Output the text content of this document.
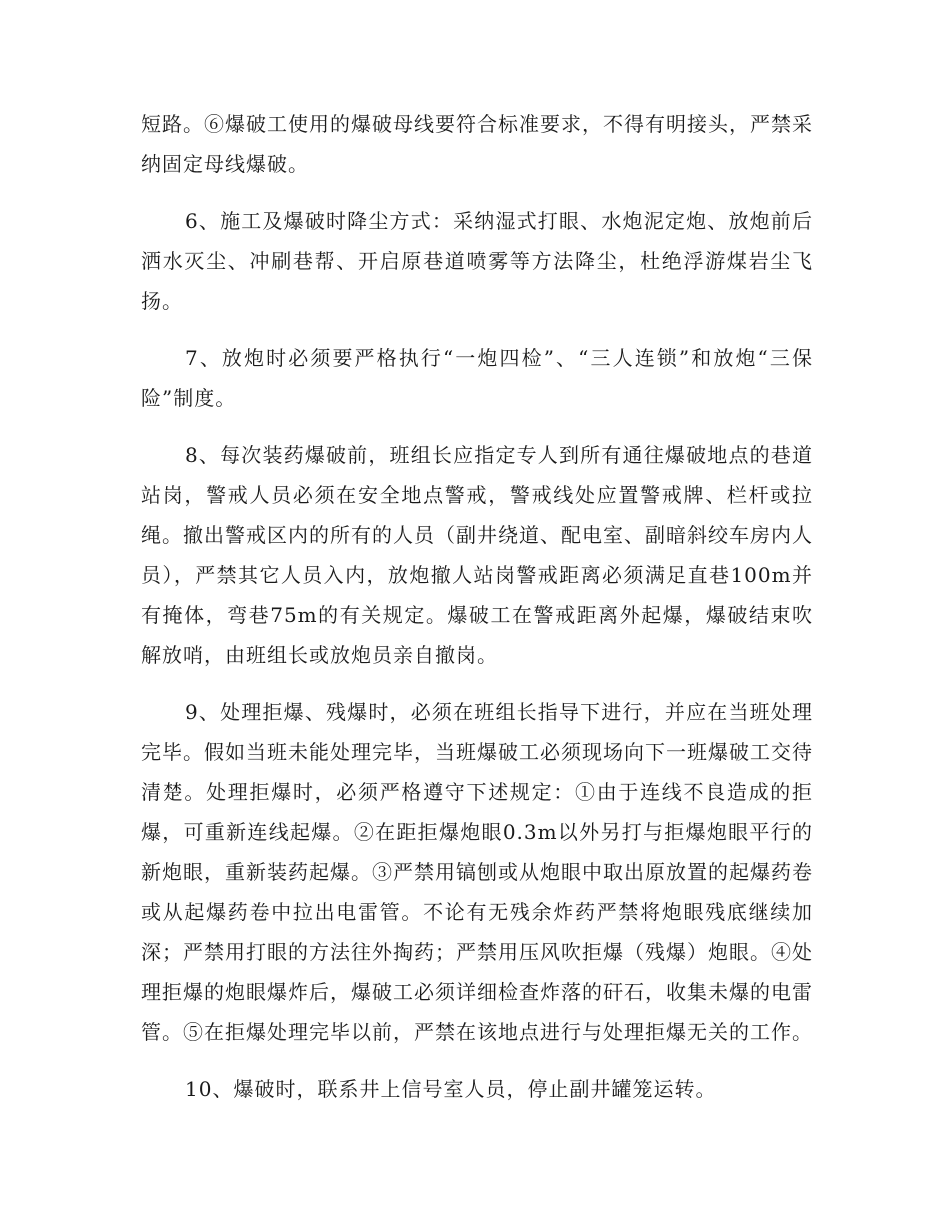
短路。⑥爆破工使用的爆破母线要符合标准要求，不得有明接头，严禁采纳固定母线爆破。

6、施工及爆破时降尘方式：采纳湿式打眼、水炮泥定炮、放炮前后洒水灭尘、冲刷巷帮、开启原巷道喷雾等方法降尘，杜绝浮游煤岩尘飞扬。

7、放炮时必须要严格执行“一炮四检”、“三人连锁”和放炮“三保险”制度。

8、每次装药爆破前，班组长应指定专人到所有通往爆破地点的巷道站岗，警戒人员必须在安全地点警戒，警戒线处应置警戒牌、栏杆或拉绳。撤出警戒区内的所有的人员（副井绕道、配电室、副暗斜绞车房内人员），严禁其它人员入内，放炮撤人站岗警戒距离必须满足直巷100m并有掩体，弯巷75m的有关规定。爆破工在警戒距离外起爆，爆破结束吹解放哨，由班组长或放炮员亲自撤岗。

9、处理拒爆、残爆时，必须在班组长指导下进行，并应在当班处理完毕。假如当班未能处理完毕，当班爆破工必须现场向下一班爆破工交待清楚。处理拒爆时，必须严格遵守下述规定：①由于连线不良造成的拒爆，可重新连线起爆。②在距拒爆炮眼0.3m以外另打与拒爆炮眼平行的新炮眼，重新装药起爆。③严禁用镐刨或从炮眼中取出原放置的起爆药卷或从起爆药卷中拉出电雷管。不论有无残余炸药严禁将炮眼残底继续加深；严禁用打眼的方法往外掏药；严禁用压风吹拒爆（残爆）炮眼。④处理拒爆的炮眼爆炸后，爆破工必须详细检查炸落的矸石，收集未爆的电雷管。⑤在拒爆处理完毕以前，严禁在该地点进行与处理拒爆无关的工作。

10、爆破时，联系井上信号室人员，停止副井罐笼运转。
